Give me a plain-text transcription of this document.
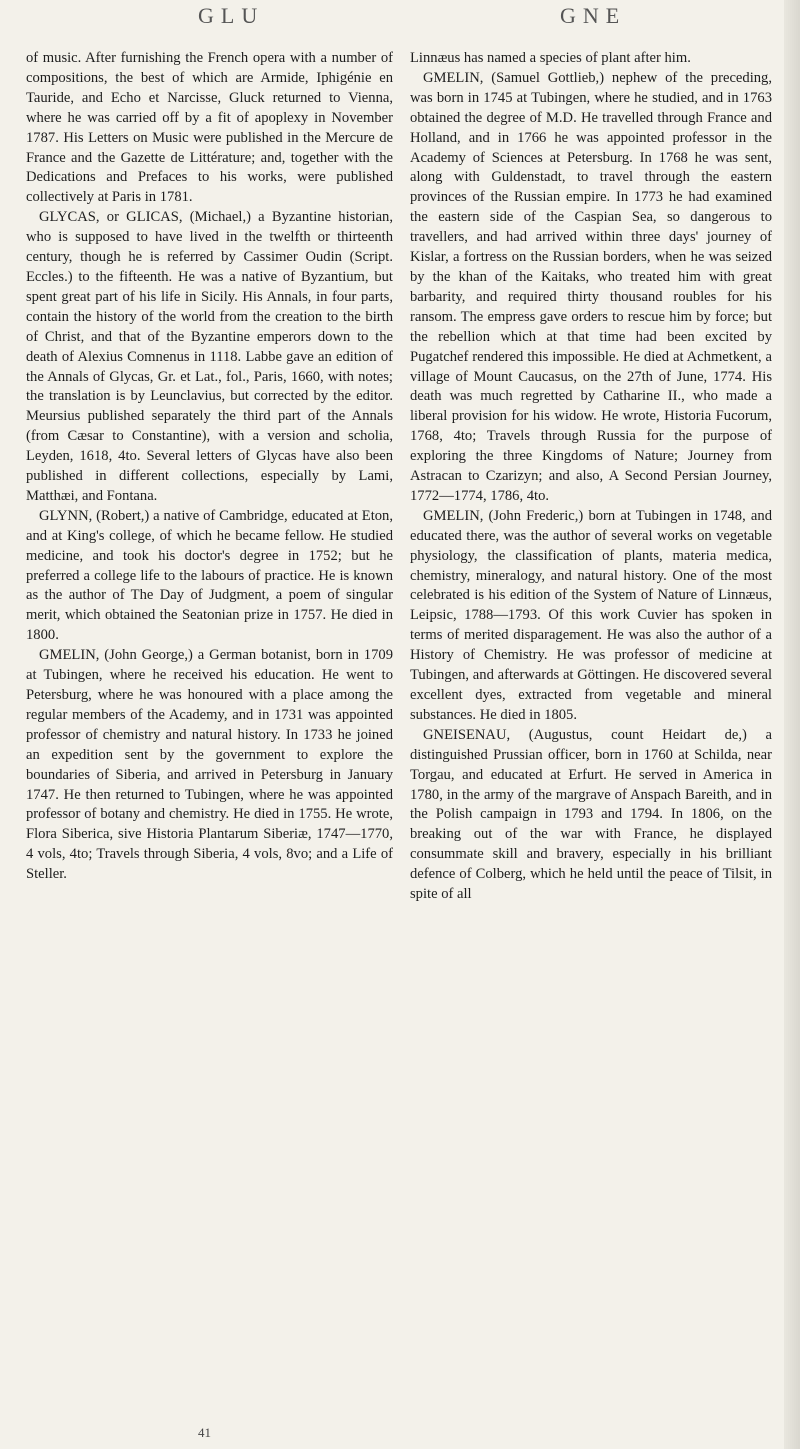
GLU	GNE

of music. After furnishing the French opera with a number of compositions, the best of which are Armide, Iphigénie en Tauride, and Echo et Narcisse, Gluck returned to Vienna, where he was carried off by a fit of apoplexy in November 1787. His Letters on Music were published in the Mercure de France and the Gazette de Littérature; and, together with the Dedications and Prefaces to his works, were published collectively at Paris in 1781.

GLYCAS, or GLICAS, (Michael,) a Byzantine historian, who is supposed to have lived in the twelfth or thirteenth century, though he is referred by Cassimer Oudin (Script. Eccles.) to the fifteenth. He was a native of Byzantium, but spent great part of his life in Sicily. His Annals, in four parts, contain the history of the world from the creation to the birth of Christ, and that of the Byzantine emperors down to the death of Alexius Comnenus in 1118. Labbe gave an edition of the Annals of Glycas, Gr. et Lat., fol., Paris, 1660, with notes; the translation is by Leunclavius, but corrected by the editor. Meursius published separately the third part of the Annals (from Cæsar to Constantine), with a version and scholia, Leyden, 1618, 4to. Several letters of Glycas have also been published in different collections, especially by Lami, Matthæi, and Fontana.

GLYNN, (Robert,) a native of Cambridge, educated at Eton, and at King's college, of which he became fellow. He studied medicine, and took his doctor's degree in 1752; but he preferred a college life to the labours of practice. He is known as the author of The Day of Judgment, a poem of singular merit, which obtained the Seatonian prize in 1757. He died in 1800.

GMELIN, (John George,) a German botanist, born in 1709 at Tubingen, where he received his education. He went to Petersburg, where he was honoured with a place among the regular members of the Academy, and in 1731 was appointed professor of chemistry and natural history. In 1733 he joined an expedition sent by the government to explore the boundaries of Siberia, and arrived in Petersburg in January 1747. He then returned to Tubingen, where he was appointed professor of botany and chemistry. He died in 1755. He wrote, Flora Siberica, sive Historia Plantarum Siberiæ, 1747—1770, 4 vols, 4to; Travels through Siberia, 4 vols, 8vo; and a Life of Steller.

Linnæus has named a species of plant after him.

GMELIN, (Samuel Gottlieb,) nephew of the preceding, was born in 1745 at Tubingen, where he studied, and in 1763 obtained the degree of M.D. He travelled through France and Holland, and in 1766 he was appointed professor in the Academy of Sciences at Petersburg. In 1768 he was sent, along with Guldenstadt, to travel through the eastern provinces of the Russian empire. In 1773 he had examined the eastern side of the Caspian Sea, so dangerous to travellers, and had arrived within three days' journey of Kislar, a fortress on the Russian borders, when he was seized by the khan of the Kaitaks, who treated him with great barbarity, and required thirty thousand roubles for his ransom. The empress gave orders to rescue him by force; but the rebellion which at that time had been excited by Pugatchef rendered this impossible. He died at Achmetkent, a village of Mount Caucasus, on the 27th of June, 1774. His death was much regretted by Catharine II., who made a liberal provision for his widow. He wrote, Historia Fucorum, 1768, 4to; Travels through Russia for the purpose of exploring the three Kingdoms of Nature; Journey from Astracan to Czarizyn; and also, A Second Persian Journey, 1772—1774, 1786, 4to.

GMELIN, (John Frederic,) born at Tubingen in 1748, and educated there, was the author of several works on vegetable physiology, the classification of plants, materia medica, chemistry, mineralogy, and natural history. One of the most celebrated is his edition of the System of Nature of Linnæus, Leipsic, 1788—1793. Of this work Cuvier has spoken in terms of merited disparagement. He was also the author of a History of Chemistry. He was professor of medicine at Tubingen, and afterwards at Göttingen. He discovered several excellent dyes, extracted from vegetable and mineral substances. He died in 1805.

GNEISENAU, (Augustus, count Heidart de,) a distinguished Prussian officer, born in 1760 at Schilda, near Torgau, and educated at Erfurt. He served in America in 1780, in the army of the margrave of Anspach Bareith, and in the Polish campaign in 1793 and 1794. In 1806, on the breaking out of the war with France, he displayed consummate skill and bravery, especially in his brilliant defence of Colberg, which he held until the peace of Tilsit, in spite of all

41
